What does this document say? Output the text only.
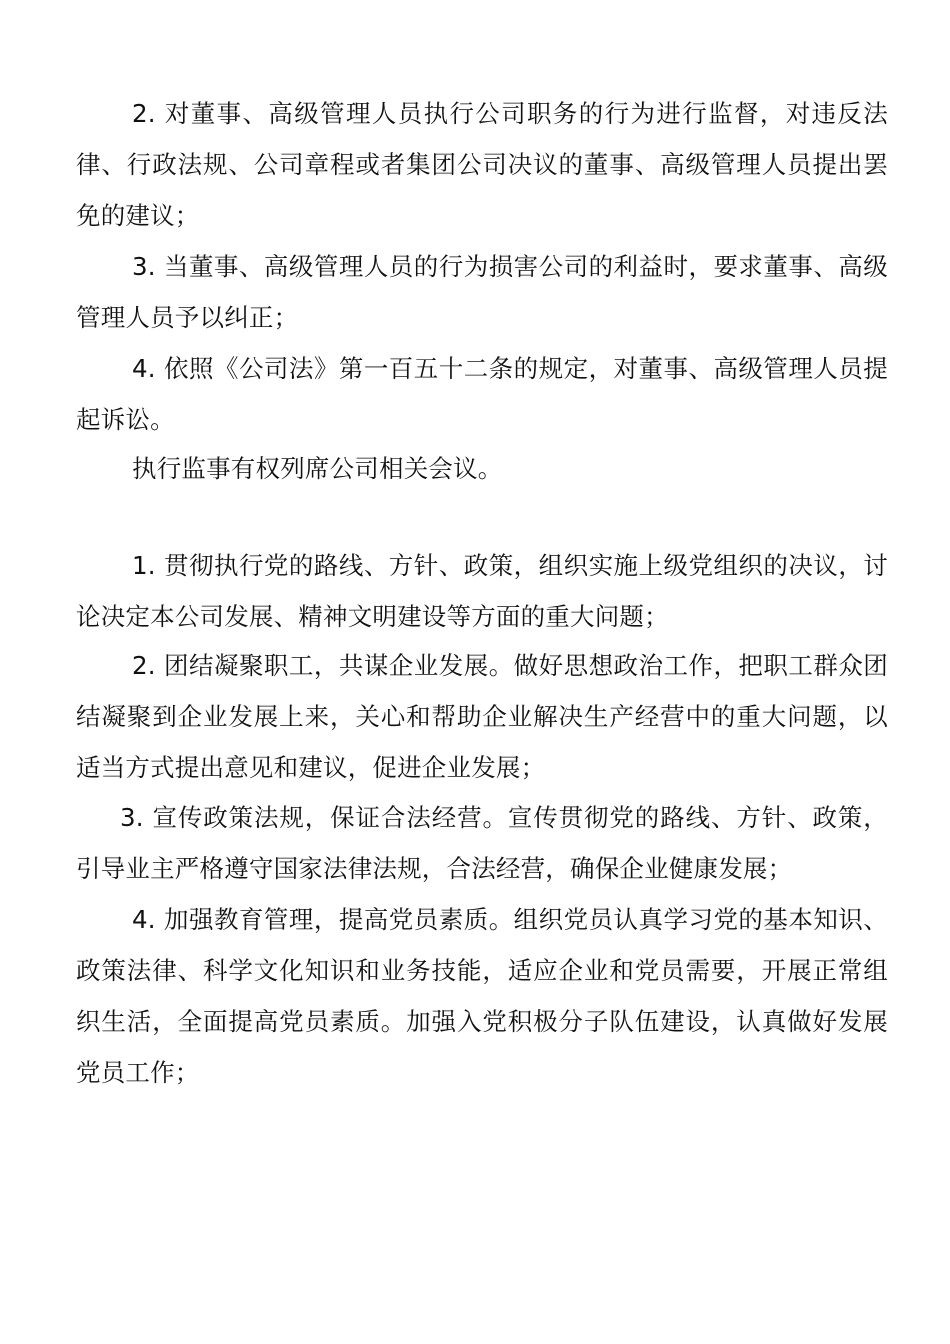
2. 对董事、高级管理人员执行公司职务的行为进行监督，对违反法律、行政法规、公司章程或者集团公司决议的董事、高级管理人员提出罢免的建议；

3. 当董事、高级管理人员的行为损害公司的利益时，要求董事、高级管理人员予以纠正；

4. 依照《公司法》第一百五十二条的规定，对董事、高级管理人员提起诉讼。

执行监事有权列席公司相关会议。

1. 贯彻执行党的路线、方针、政策，组织实施上级党组织的决议，讨论决定本公司发展、精神文明建设等方面的重大问题；

2. 团结凝聚职工，共谋企业发展。做好思想政治工作，把职工群众团结凝聚到企业发展上来，关心和帮助企业解决生产经营中的重大问题，以适当方式提出意见和建议，促进企业发展；

3. 宣传政策法规，保证合法经营。宣传贯彻党的路线、方针、政策，引导业主严格遵守国家法律法规，合法经营，确保企业健康发展；

4. 加强教育管理，提高党员素质。组织党员认真学习党的基本知识、政策法律、科学文化知识和业务技能，适应企业和党员需要，开展正常组织生活，全面提高党员素质。加强入党积极分子队伍建设，认真做好发展党员工作；
